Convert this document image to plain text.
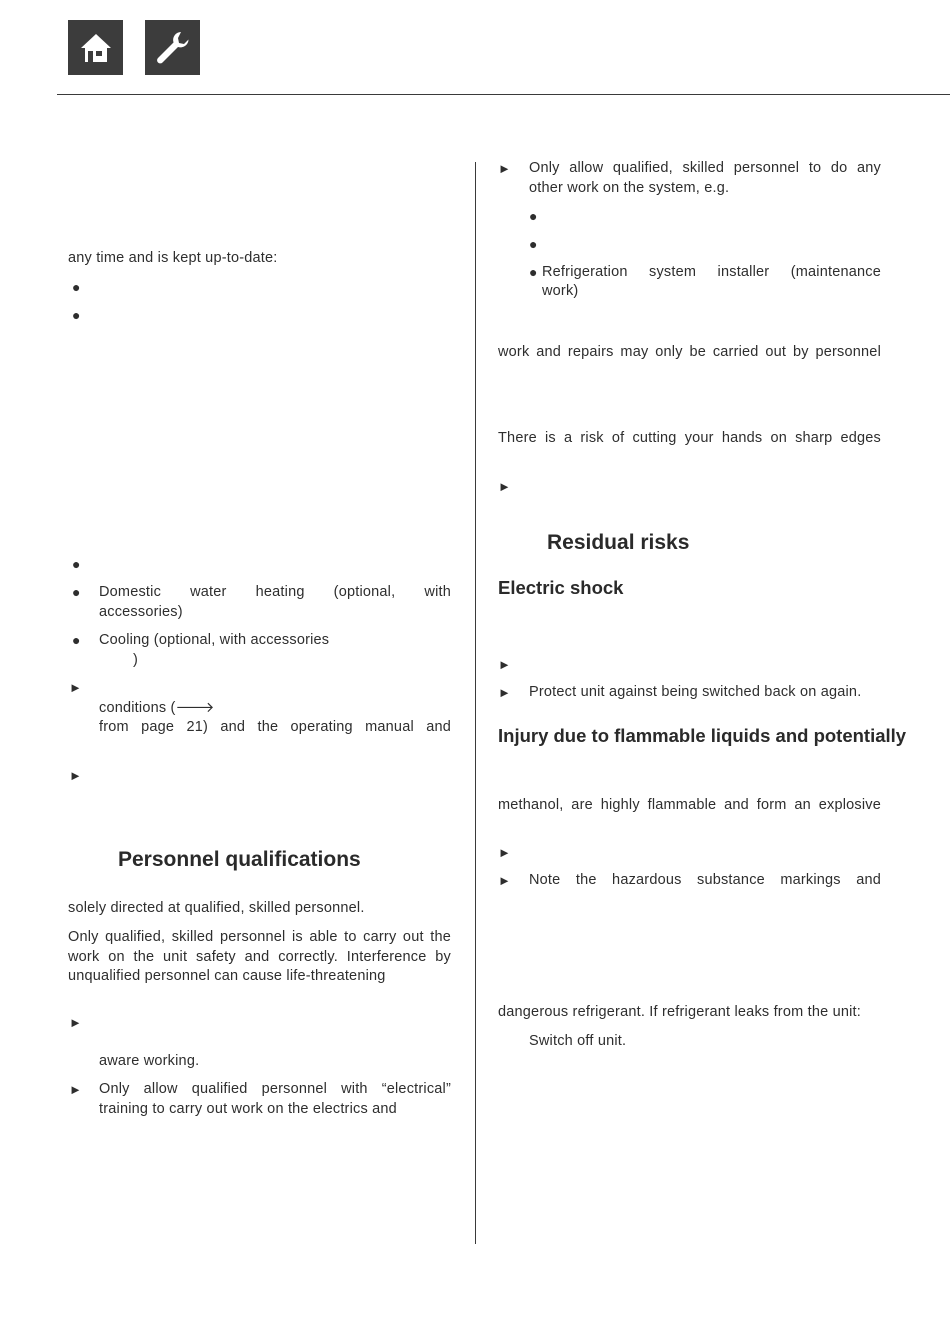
any time and is kept up-to-date:

●
●
●
● Domestic water heating (optional, with

accessories)

● Cooling (optional, with accessories

)

►

conditions (🡒

from page 21) and the operating manual and

►
Personnel qualifications

solely directed at qualified, skilled personnel.

Only qualified, skilled personnel is able to carry out the work on the unit safety and correctly. Interference by unqualified personnel can cause life-threatening

►

aware working.

► Only allow qualified personnel with “electrical” training to carry out work on the electrics and

► Only allow qualified, skilled personnel to do any other work on the system, e.g.

●
●
● Refrigeration system installer (maintenance

work)

work and repairs may only be carried out by personnel

There is a risk of cutting your hands on sharp edges

►
Residual risks
Electric shock
►
► Protect unit against being switched back on again.

Injury due to flammable liquids and potentially

methanol, are highly flammable and form an explosive

►
► Note the hazardous substance markings and

dangerous refrigerant. If refrigerant leaks from the unit:

Switch off unit.
